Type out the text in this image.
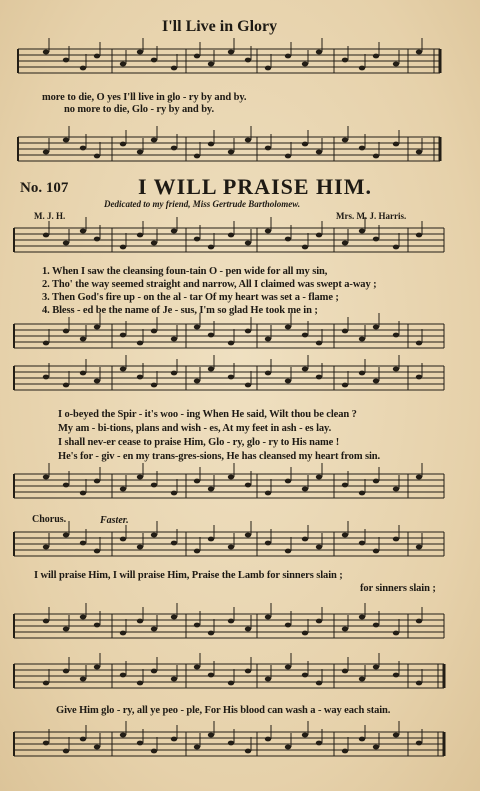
I'll Live in Glory
more to die, O yes I'll live in glo - ry by and by.
no more to die, Glo - ry by and by.
No. 107	I WILL PRAISE HIM.
Dedicated to my friend, Miss Gertrude Bartholomew.
M. J. H.	Mrs. M. J. Harris.
1. When I saw the cleansing foun-tain O - pen wide for all my sin,
2. Tho' the way seemed straight and narrow, All I claimed was swept a-way ;
3. Then God's fire up - on the al - tar Of my heart was set a - flame ;
4. Bless - ed be the name of Je - sus, I'm so glad He took me in ;
I o-beyed the Spir - it's woo - ing When He said, Wilt thou be clean ?
My am - bi-tions, plans and wish - es, At my feet in ash - es lay.
I shall nev-er cease to praise Him, Glo - ry, glo - ry to His name !
He's for - giv - en my trans-gres-sions, He has cleansed my heart from sin.
Chorus.	Faster.
I will praise Him, I will praise Him, Praise the Lamb for sinners slain ;
for sinners slain ;
Give Him glo - ry, all ye peo - ple, For His blood can wash a - way each stain.
